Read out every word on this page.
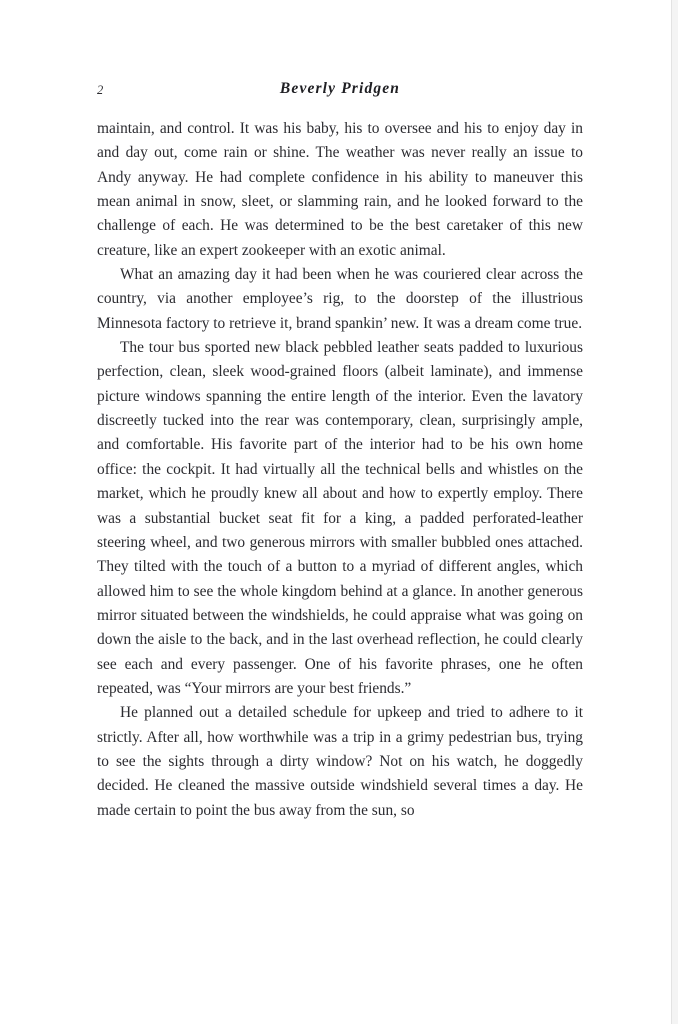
2	Beverly Pridgen

maintain, and control. It was his baby, his to oversee and his to enjoy day in and day out, come rain or shine. The weather was never really an issue to Andy anyway. He had complete confidence in his ability to maneuver this mean animal in snow, sleet, or slamming rain, and he looked forward to the challenge of each. He was determined to be the best caretaker of this new creature, like an expert zookeeper with an exotic animal.

What an amazing day it had been when he was couriered clear across the country, via another employee’s rig, to the doorstep of the illustrious Minnesota factory to retrieve it, brand spankin’ new. It was a dream come true.

The tour bus sported new black pebbled leather seats padded to luxurious perfection, clean, sleek wood-grained floors (albeit laminate), and immense picture windows spanning the entire length of the interior. Even the lavatory discreetly tucked into the rear was contemporary, clean, surprisingly ample, and comfortable. His favorite part of the interior had to be his own home office: the cockpit. It had virtually all the technical bells and whistles on the market, which he proudly knew all about and how to expertly employ. There was a substantial bucket seat fit for a king, a padded perforated-leather steering wheel, and two generous mirrors with smaller bubbled ones attached. They tilted with the touch of a button to a myriad of different angles, which allowed him to see the whole kingdom behind at a glance. In another generous mirror situated between the windshields, he could appraise what was going on down the aisle to the back, and in the last overhead reflection, he could clearly see each and every passenger. One of his favorite phrases, one he often repeated, was “Your mirrors are your best friends.”

He planned out a detailed schedule for upkeep and tried to adhere to it strictly. After all, how worthwhile was a trip in a grimy pedestrian bus, trying to see the sights through a dirty window? Not on his watch, he doggedly decided. He cleaned the massive outside windshield several times a day. He made certain to point the bus away from the sun, so
